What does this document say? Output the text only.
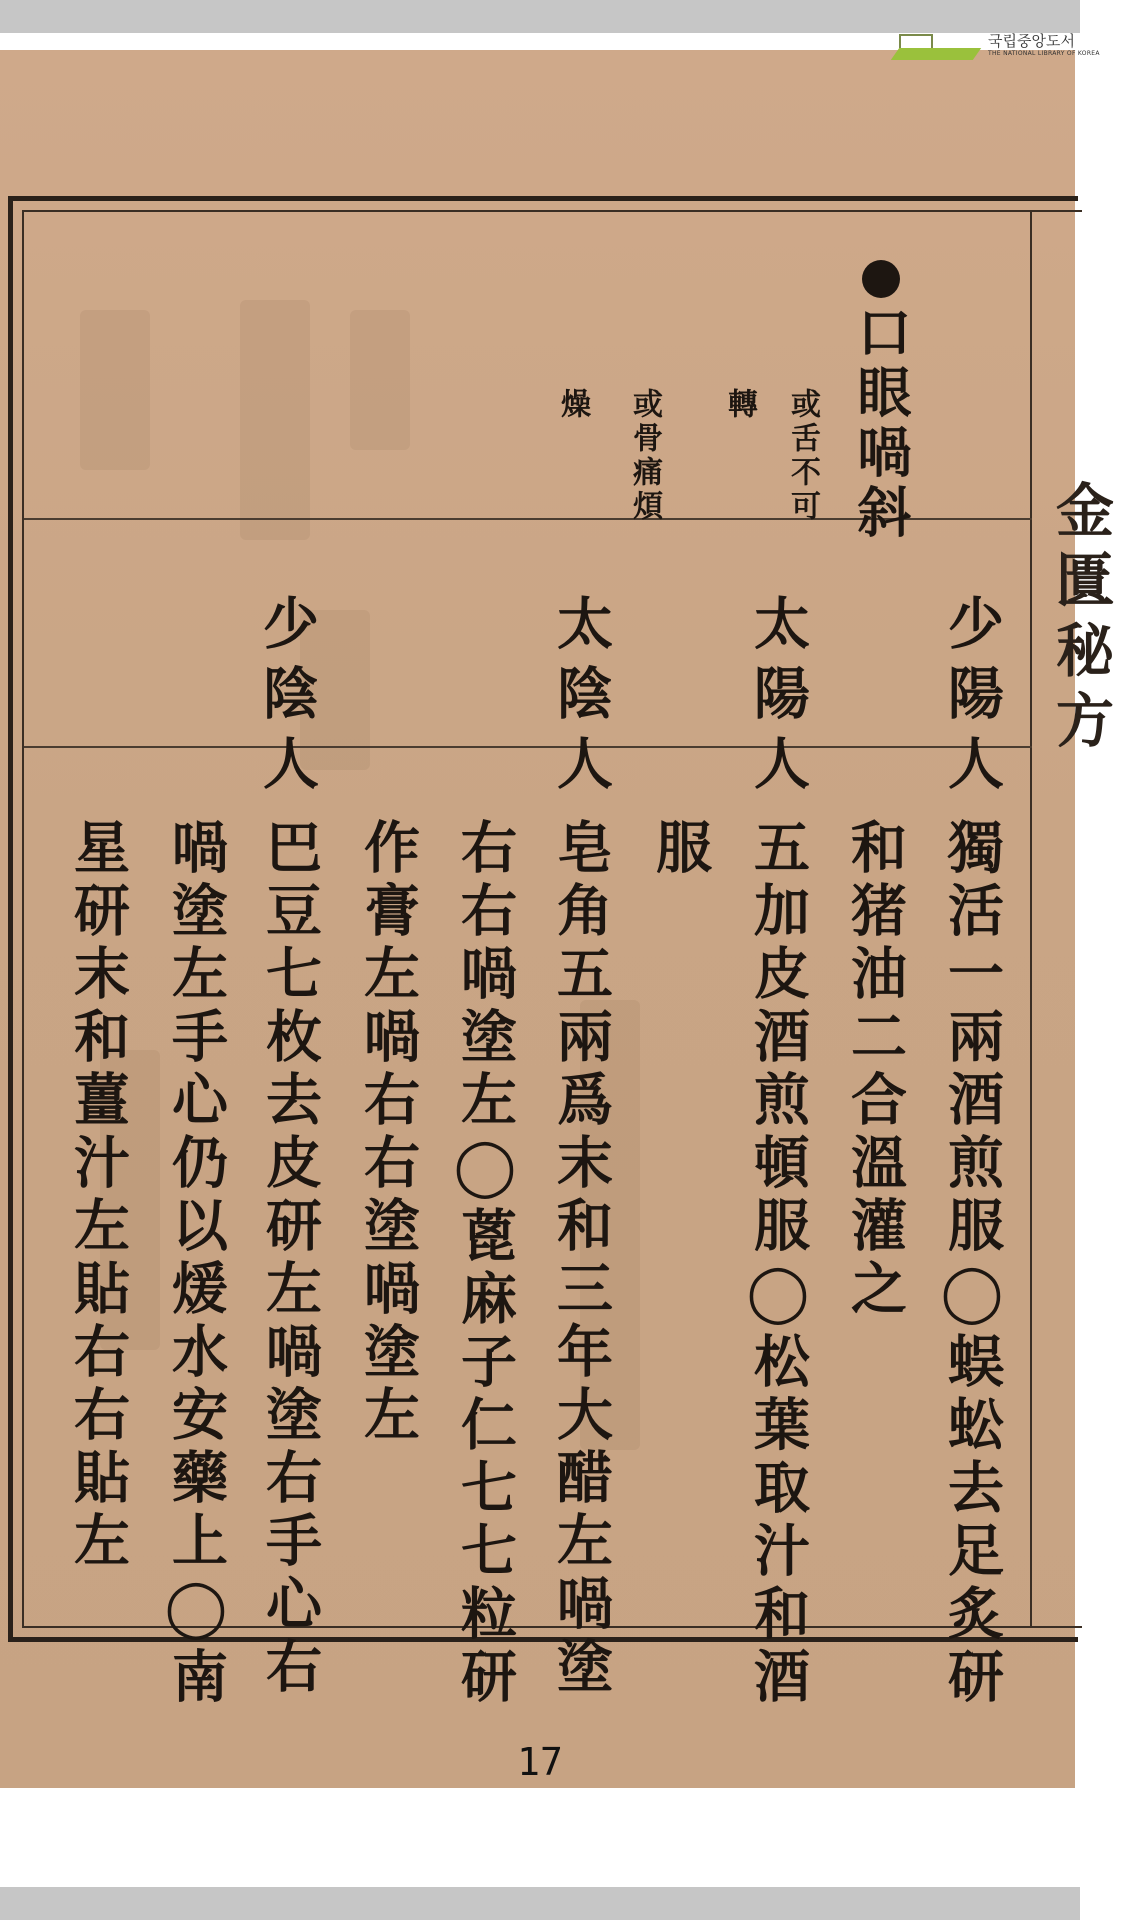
국립중앙도서
THE NATIONAL LIBRARY OF KOREA
口眼喎斜
或舌不可
轉
或骨痛煩
燥
少陽人
太陽人
太陰人
少陰人
獨活一兩酒煎服◯蜈蚣去足炙研
和猪油二合溫灌之
五加皮酒煎頓服◯松葉取汁和酒
服
皂角五兩爲末和三年大醋左喎塗
右右喎塗左◯蓖麻子仁七七粒研
作膏左喎右右塗喎塗左
巴豆七枚去皮研左喎塗右手心右
喎塗左手心仍以煖水安藥上◯南
星研末和薑汁左貼右右貼左
金匱秘方
17
